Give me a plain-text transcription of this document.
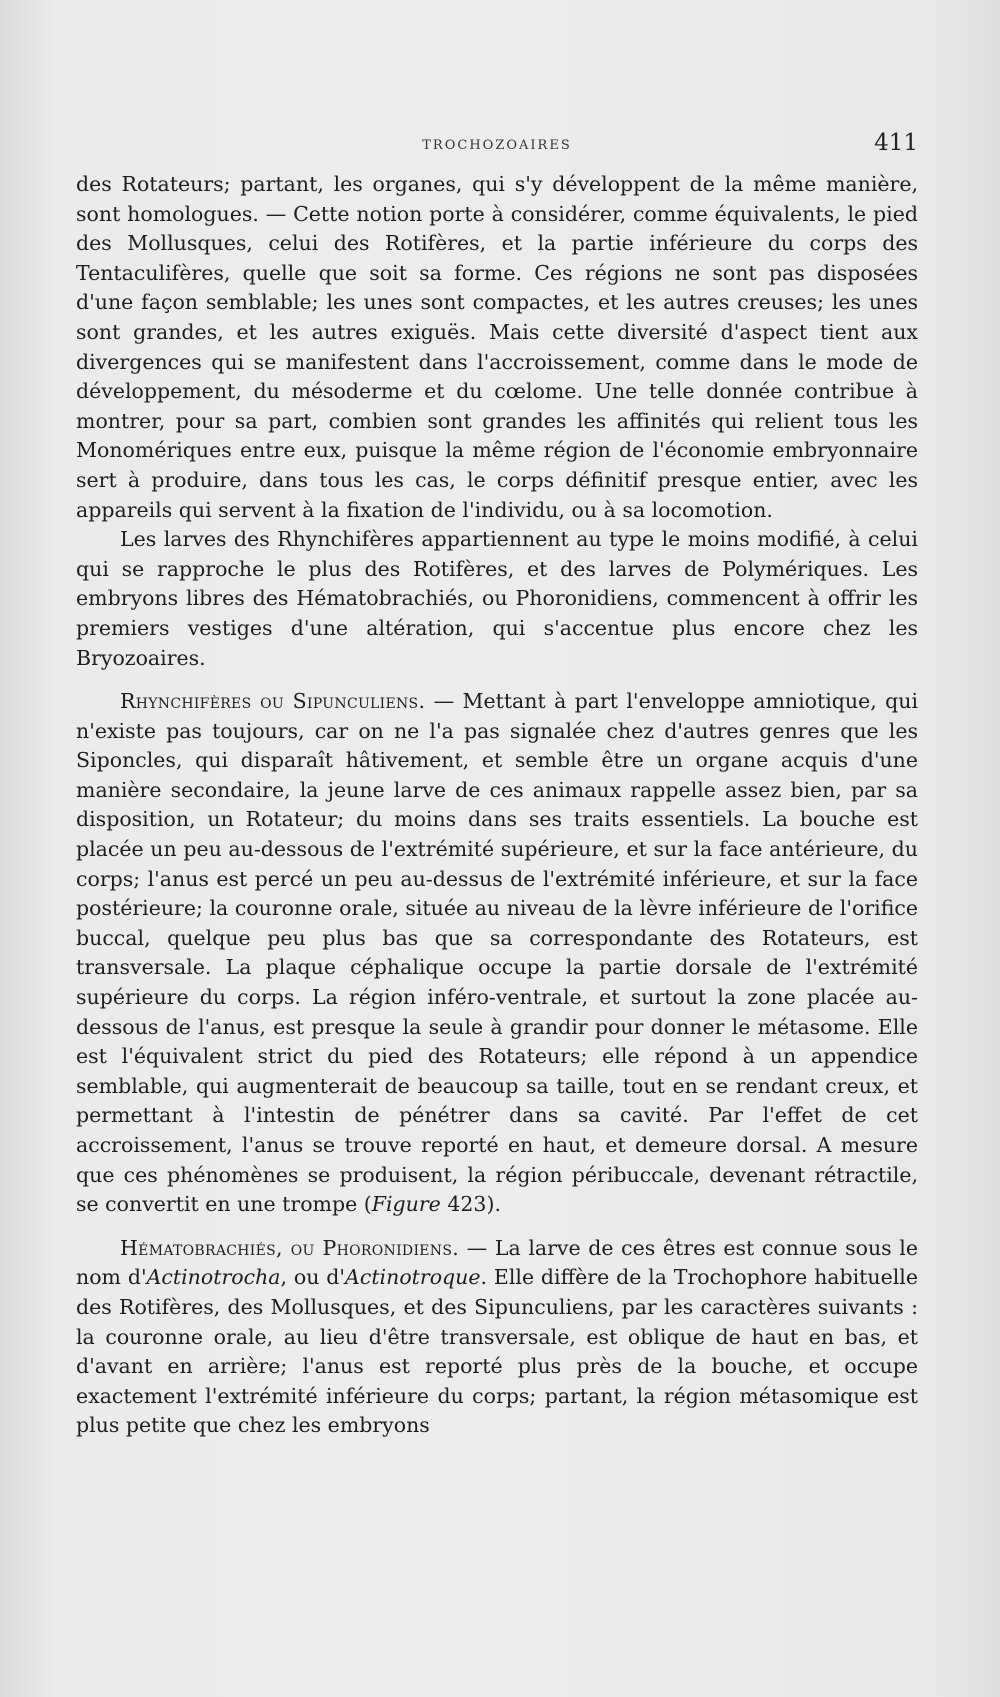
TROCHOZOAIRES	411

des Rotateurs; partant, les organes, qui s'y développent de la même manière, sont homologues. — Cette notion porte à considérer, comme équivalents, le pied des Mollusques, celui des Rotifères, et la partie inférieure du corps des Tentaculifères, quelle que soit sa forme. Ces régions ne sont pas disposées d'une façon semblable; les unes sont compactes, et les autres creuses; les unes sont grandes, et les autres exiguës. Mais cette diversité d'aspect tient aux divergences qui se manifestent dans l'accroissement, comme dans le mode de développement, du mésoderme et du cœlome. Une telle donnée contribue à montrer, pour sa part, combien sont grandes les affinités qui relient tous les Monomériques entre eux, puisque la même région de l'économie embryonnaire sert à produire, dans tous les cas, le corps définitif presque entier, avec les appareils qui servent à la fixation de l'individu, ou à sa locomotion.

Les larves des Rhynchifères appartiennent au type le moins modifié, à celui qui se rapproche le plus des Rotifères, et des larves de Polymériques. Les embryons libres des Hématobrachiés, ou Phoronidiens, commencent à offrir les premiers vestiges d'une altération, qui s'accentue plus encore chez les Bryozoaires.

Rhynchifères ou Sipunculiens. — Mettant à part l'enveloppe amniotique, qui n'existe pas toujours, car on ne l'a pas signalée chez d'autres genres que les Siponcles, qui disparaît hâtivement, et semble être un organe acquis d'une manière secondaire, la jeune larve de ces animaux rappelle assez bien, par sa disposition, un Rotateur; du moins dans ses traits essentiels. La bouche est placée un peu au-dessous de l'extrémité supérieure, et sur la face antérieure, du corps; l'anus est percé un peu au-dessus de l'extrémité inférieure, et sur la face postérieure; la couronne orale, située au niveau de la lèvre inférieure de l'orifice buccal, quelque peu plus bas que sa correspondante des Rotateurs, est transversale. La plaque céphalique occupe la partie dorsale de l'extrémité supérieure du corps. La région inféro-ventrale, et surtout la zone placée au-dessous de l'anus, est presque la seule à grandir pour donner le métasome. Elle est l'équivalent strict du pied des Rotateurs; elle répond à un appendice semblable, qui augmenterait de beaucoup sa taille, tout en se rendant creux, et permettant à l'intestin de pénétrer dans sa cavité. Par l'effet de cet accroissement, l'anus se trouve reporté en haut, et demeure dorsal. A mesure que ces phénomènes se produisent, la région péribuccale, devenant rétractile, se convertit en une trompe (Figure 423).

Hématobrachiés, ou Phoronidiens. — La larve de ces êtres est connue sous le nom d'Actinotrocha, ou d'Actinotroque. Elle diffère de la Trochophore habituelle des Rotifères, des Mollusques, et des Sipunculiens, par les caractères suivants : la couronne orale, au lieu d'être transversale, est oblique de haut en bas, et d'avant en arrière; l'anus est reporté plus près de la bouche, et occupe exactement l'extrémité inférieure du corps; partant, la région métasomique est plus petite que chez les embryons
